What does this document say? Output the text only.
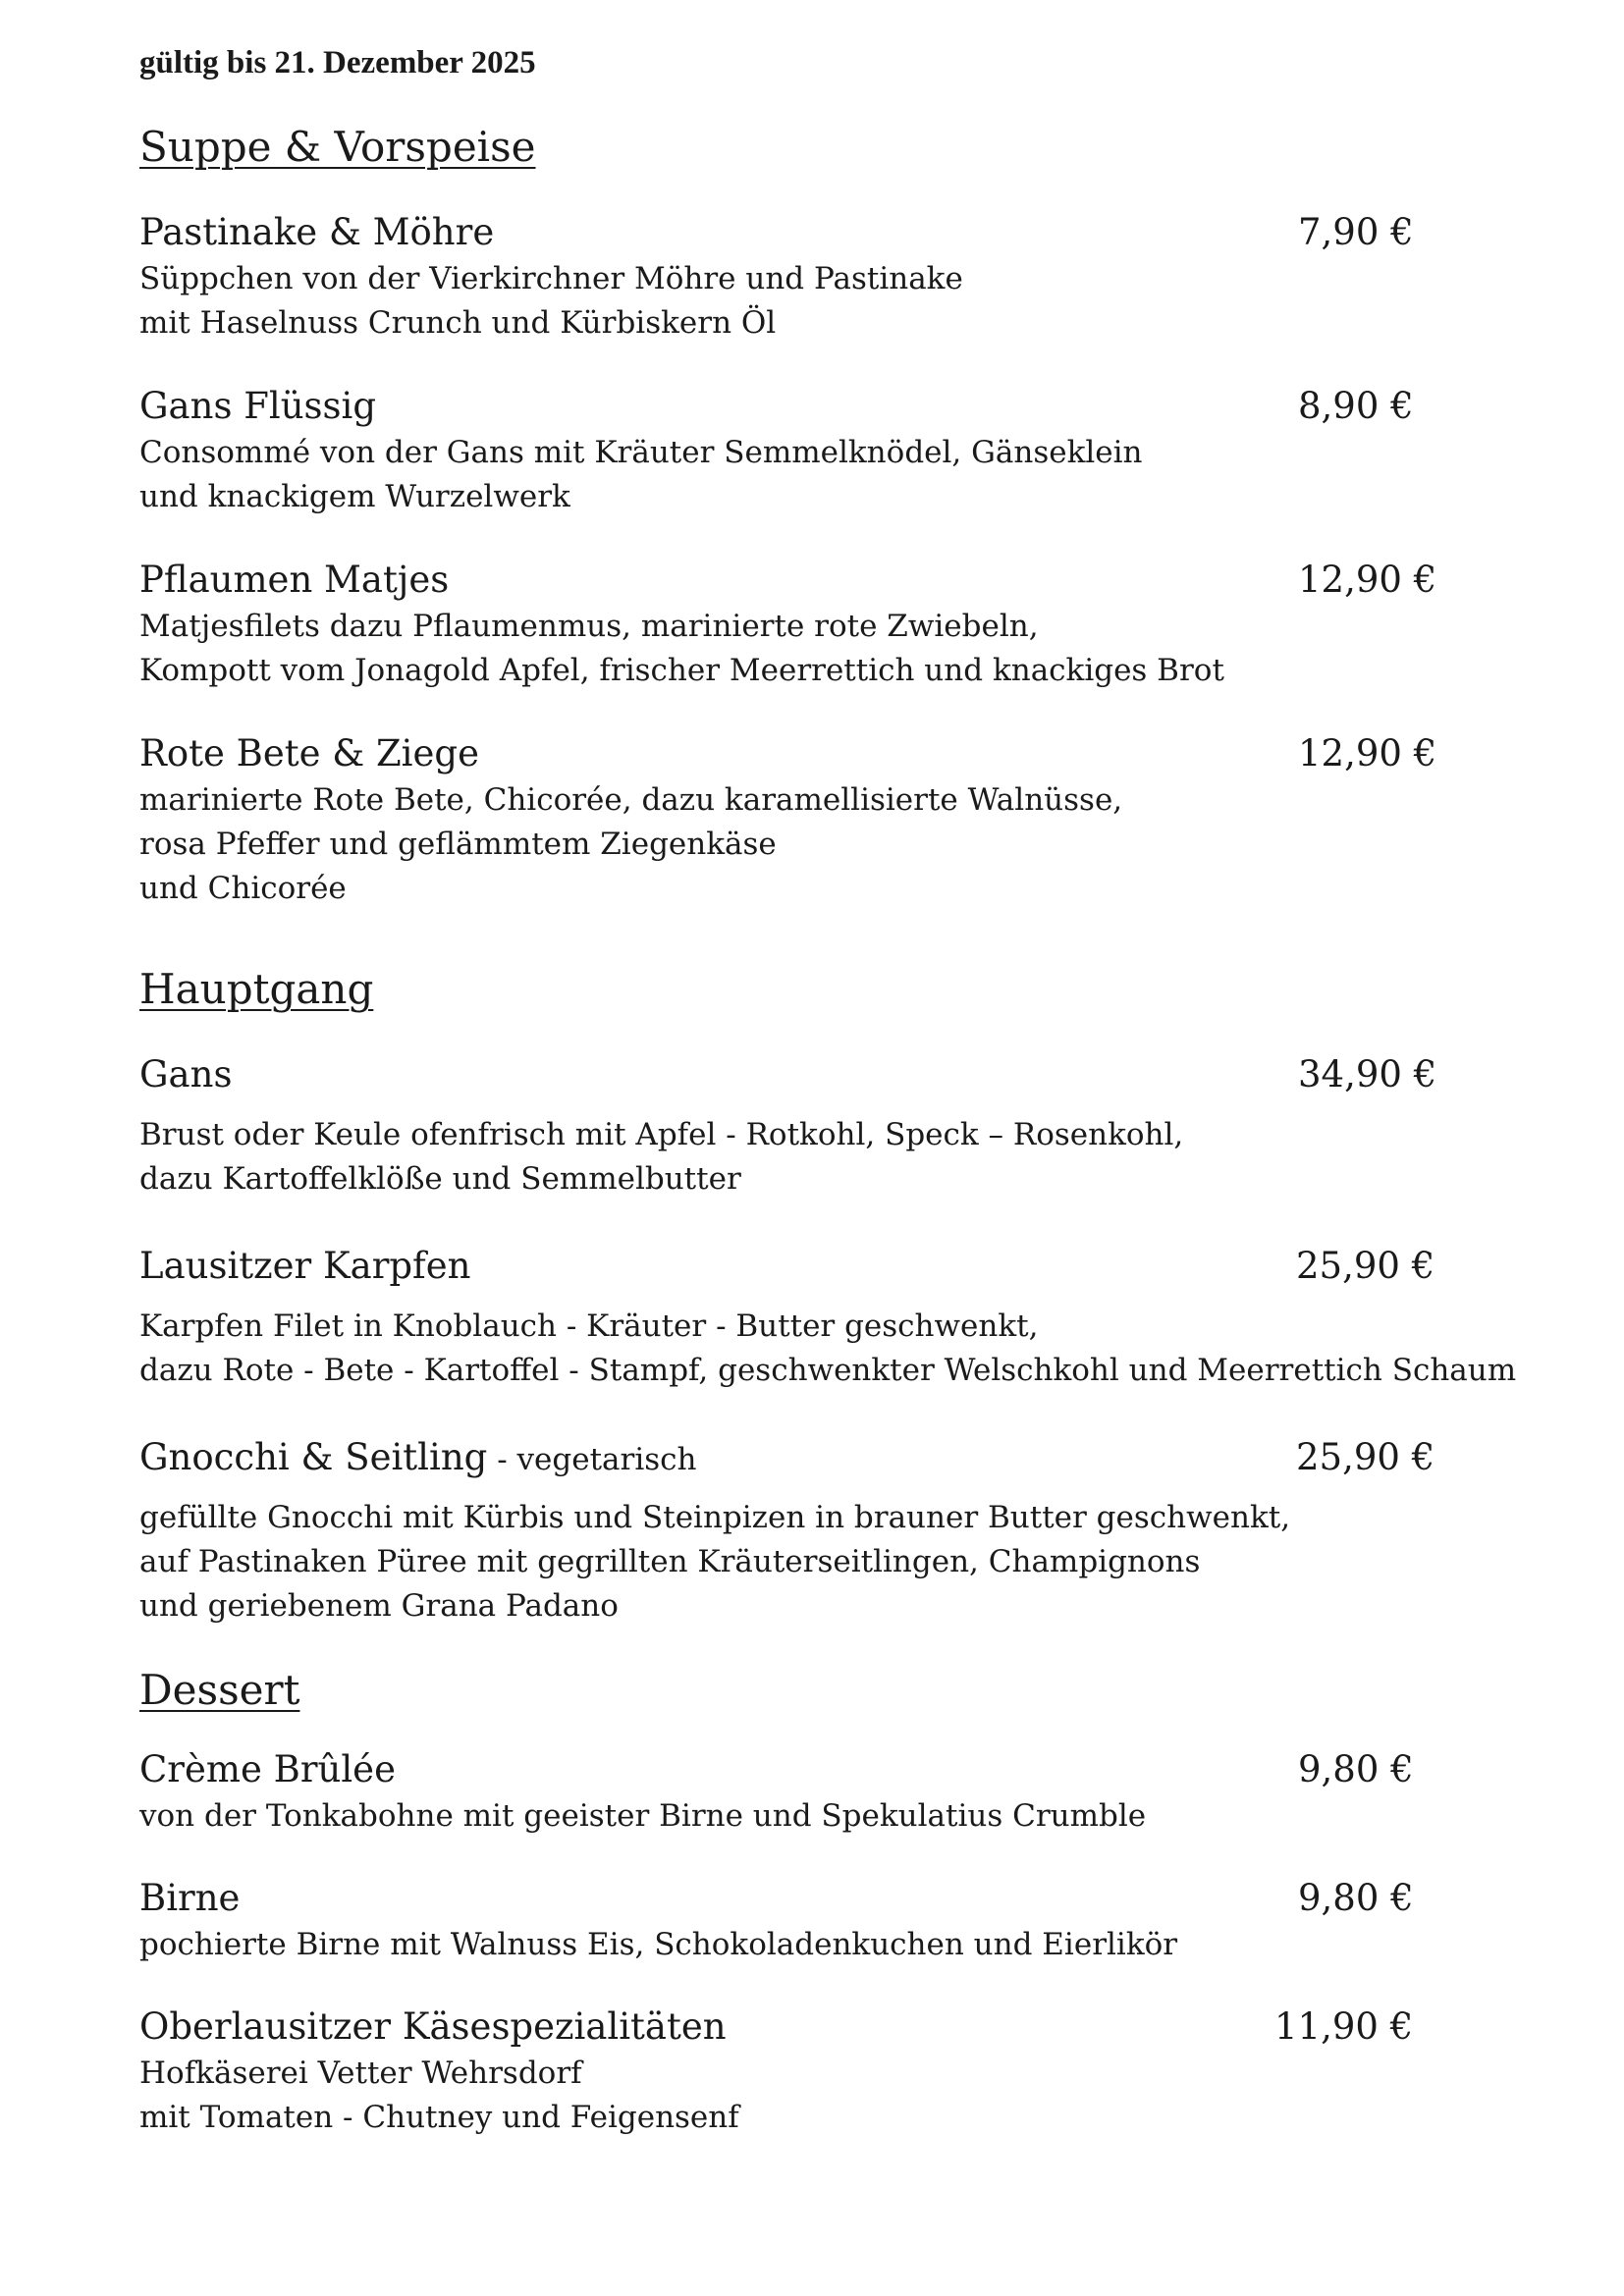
gültig bis 21. Dezember 2025
Suppe & Vorspeise
Pastinake & Möhre	7,90 €
Süppchen von der Vierkirchner Möhre und Pastinake
mit Haselnuss Crunch und Kürbiskern Öl
Gans Flüssig	8,90 €
Consommé von der Gans mit Kräuter Semmelknödel, Gänseklein
und knackigem Wurzelwerk
Pflaumen Matjes	12,90 €
Matjesfilets dazu Pflaumenmus, marinierte rote Zwiebeln,
Kompott vom Jonagold Apfel, frischer Meerrettich und knackiges Brot
Rote Bete & Ziege	12,90 €
marinierte Rote Bete, Chicorée, dazu karamellisierte Walnüsse,
rosa Pfeffer und geflämmtem Ziegenkäse
und Chicorée
Hauptgang
Gans	34,90 €
Brust oder Keule ofenfrisch mit Apfel - Rotkohl, Speck – Rosenkohl,
dazu Kartoffelklöße und Semmelbutter
Lausitzer Karpfen	25,90 €
Karpfen Filet in Knoblauch - Kräuter - Butter geschwenkt,
dazu Rote - Bete - Kartoffel - Stampf, geschwenkter Welschkohl und Meerrettich Schaum
Gnocchi & Seitling - vegetarisch	25,90 €
gefüllte Gnocchi mit Kürbis und Steinpizen in brauner Butter geschwenkt,
auf Pastinaken Püree mit gegrillten Kräuterseitlingen, Champignons
und geriebenem Grana Padano
Dessert
Crème Brûlée	9,80 €
von der Tonkabohne mit geeister Birne und Spekulatius Crumble
Birne	9,80 €
pochierte Birne mit Walnuss Eis, Schokoladenkuchen und Eierlikör
Oberlausitzer Käsespezialitäten	11,90 €
Hofkäserei Vetter Wehrsdorf
mit Tomaten - Chutney und Feigensenf
